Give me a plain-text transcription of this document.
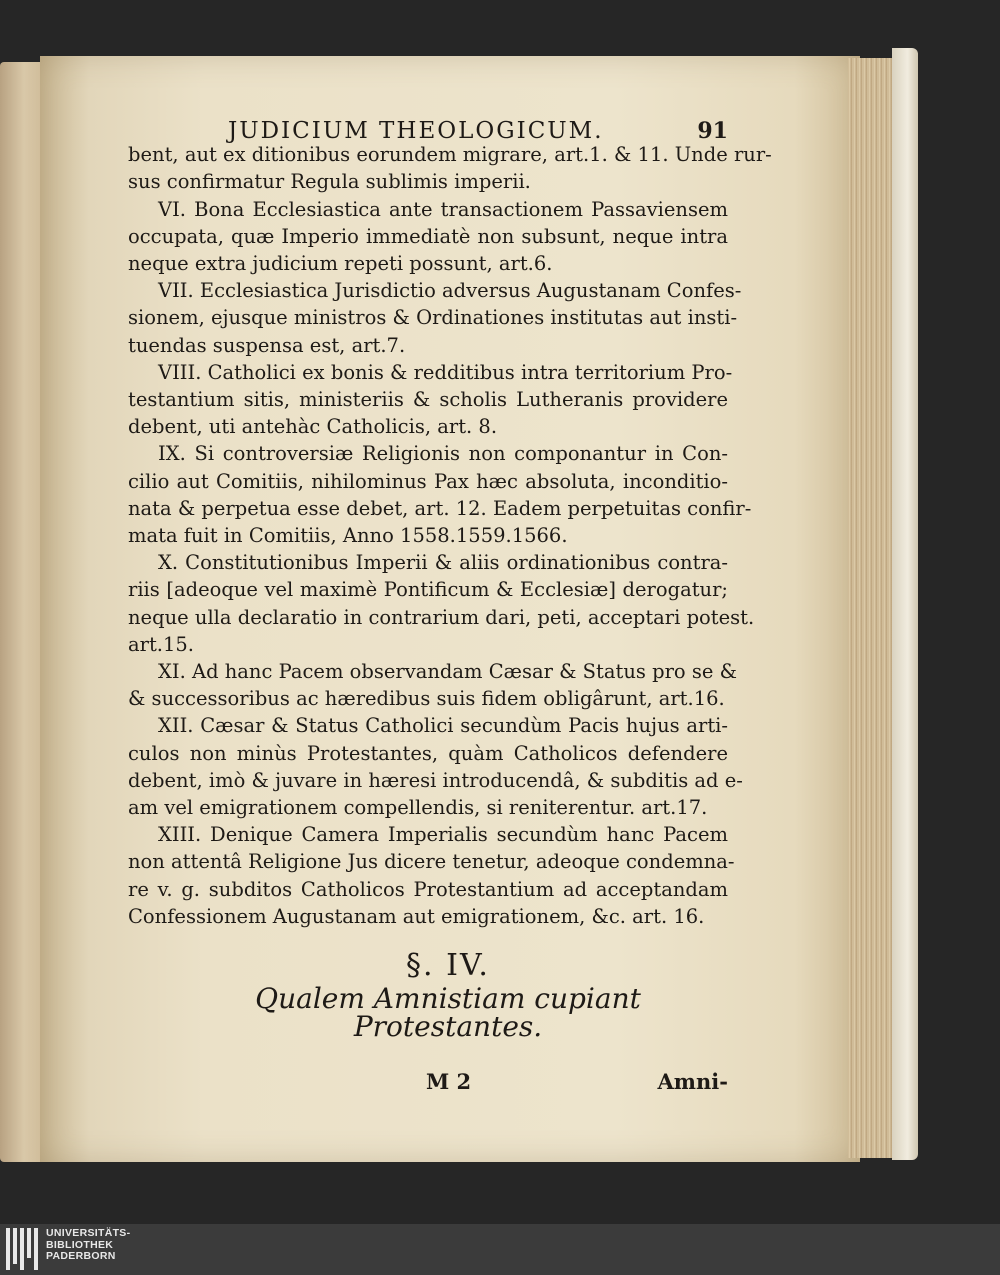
JUDICIUM THEOLOGICUM.	91
bent, aut ex ditionibus eorundem migrare, art.1. & 11. Unde rur-
sus confirmatur Regula sublimis imperii.
VI. Bona Ecclesiastica ante transactionem Passaviensem
occupata, quæ Imperio immediatè non subsunt, neque intra
neque extra judicium repeti possunt, art.6.
VII. Ecclesiastica Jurisdictio adversus Augustanam Confes-
sionem, ejusque ministros & Ordinationes institutas aut insti-
tuendas suspensa est, art.7.
VIII. Catholici ex bonis & redditibus intra territorium Pro-
testantium sitis, ministeriis & scholis Lutheranis providere
debent, uti antehàc Catholicis, art. 8.
IX. Si controversiæ Religionis non componantur in Con-
cilio aut Comitiis, nihilominus Pax hæc absoluta, inconditio-
nata & perpetua esse debet, art. 12. Eadem perpetuitas confir-
mata fuit in Comitiis, Anno 1558.1559.1566.
X. Constitutionibus Imperii & aliis ordinationibus contra-
riis [adeoque vel maximè Pontificum & Ecclesiæ] derogatur;
neque ulla declaratio in contrarium dari, peti, acceptari potest.
art.15.
XI. Ad hanc Pacem observandam Cæsar & Status pro se &
& successoribus ac hæredibus suis fidem obligârunt, art.16.
XII. Cæsar & Status Catholici secundùm Pacis hujus arti-
culos non minùs Protestantes, quàm Catholicos defendere
debent, imò & juvare in hæresi introducendâ, & subditis ad e-
am vel emigrationem compellendis, si reniterentur. art.17.
XIII. Denique Camera Imperialis secundùm hanc Pacem
non attentâ Religione Jus dicere tenetur, adeoque condemna-
re v. g. subditos Catholicos Protestantium ad acceptandam
Confessionem Augustanam aut emigrationem, &c. art. 16.
§. IV.
Qualem Amnistiam cupiant Protestantes.
M 2	Amni-
UNIVERSITÄTS-
BIBLIOTHEK
PADERBORN
